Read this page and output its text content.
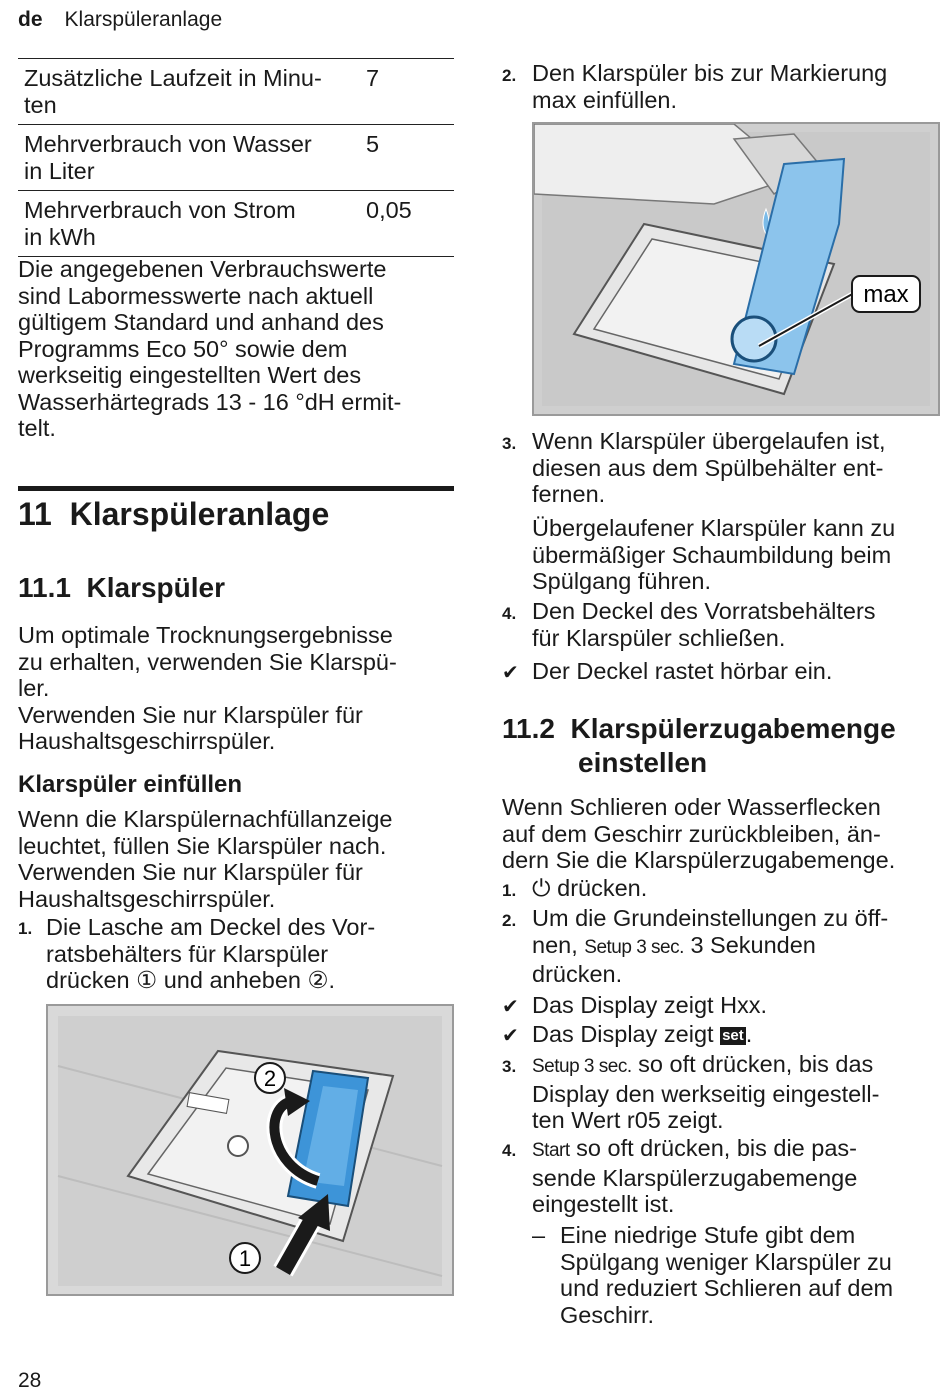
de Klarspüleranlage
Zusätzliche Laufzeit in Minu-
ten	7
Mehrverbrauch von Wasser
in Liter	5
Mehrverbrauch von Strom
in kWh	0,05
Die angegebenen Verbrauchswerte
sind Labormesswerte nach aktuell
gültigem Standard und anhand des
Programms Eco 50° sowie dem
werkseitig eingestellten Wert des
Wasserhärtegrads 13 - 16 °dH ermit-
telt.
11 Klarspüleranlage
11.1 Klarspüler
Um optimale Trocknungsergebnisse
zu erhalten, verwenden Sie Klarspü-
ler.
Verwenden Sie nur Klarspüler für
Haushaltsgeschirrspüler.
Klarspüler einfüllen
Wenn die Klarspülernachfüllanzeige
leuchtet, füllen Sie Klarspüler nach.
Verwenden Sie nur Klarspüler für
Haushaltsgeschirrspüler.
1. Die Lasche am Deckel des Vor-
ratsbehälters für Klarspüler
drücken ① und anheben ②.
2
1
2. Den Klarspüler bis zur Markierung
max einfüllen.
max
3. Wenn Klarspüler übergelaufen ist,
diesen aus dem Spülbehälter ent-
fernen.
Übergelaufener Klarspüler kann zu
übermäßiger Schaumbildung beim
Spülgang führen.
4. Den Deckel des Vorratsbehälters
für Klarspüler schließen.
✔ Der Deckel rastet hörbar ein.
11.2 Klarspülerzugabemenge
einstellen
Wenn Schlieren oder Wasserflecken
auf dem Geschirr zurückbleiben, än-
dern Sie die Klarspülerzugabemenge.
1. ⏻ drücken.
2. Um die Grundeinstellungen zu öff-
nen, Setup 3 sec. 3 Sekunden
drücken.
✔ Das Display zeigt Hxx.
✔ Das Display zeigt set.
3. Setup 3 sec. so oft drücken, bis das
Display den werkseitig eingestell-
ten Wert r05 zeigt.
4. Start so oft drücken, bis die pas-
sende Klarspülerzugabemenge
eingestellt ist.
– Eine niedrige Stufe gibt dem
Spülgang weniger Klarspüler zu
und reduziert Schlieren auf dem
Geschirr.
28
